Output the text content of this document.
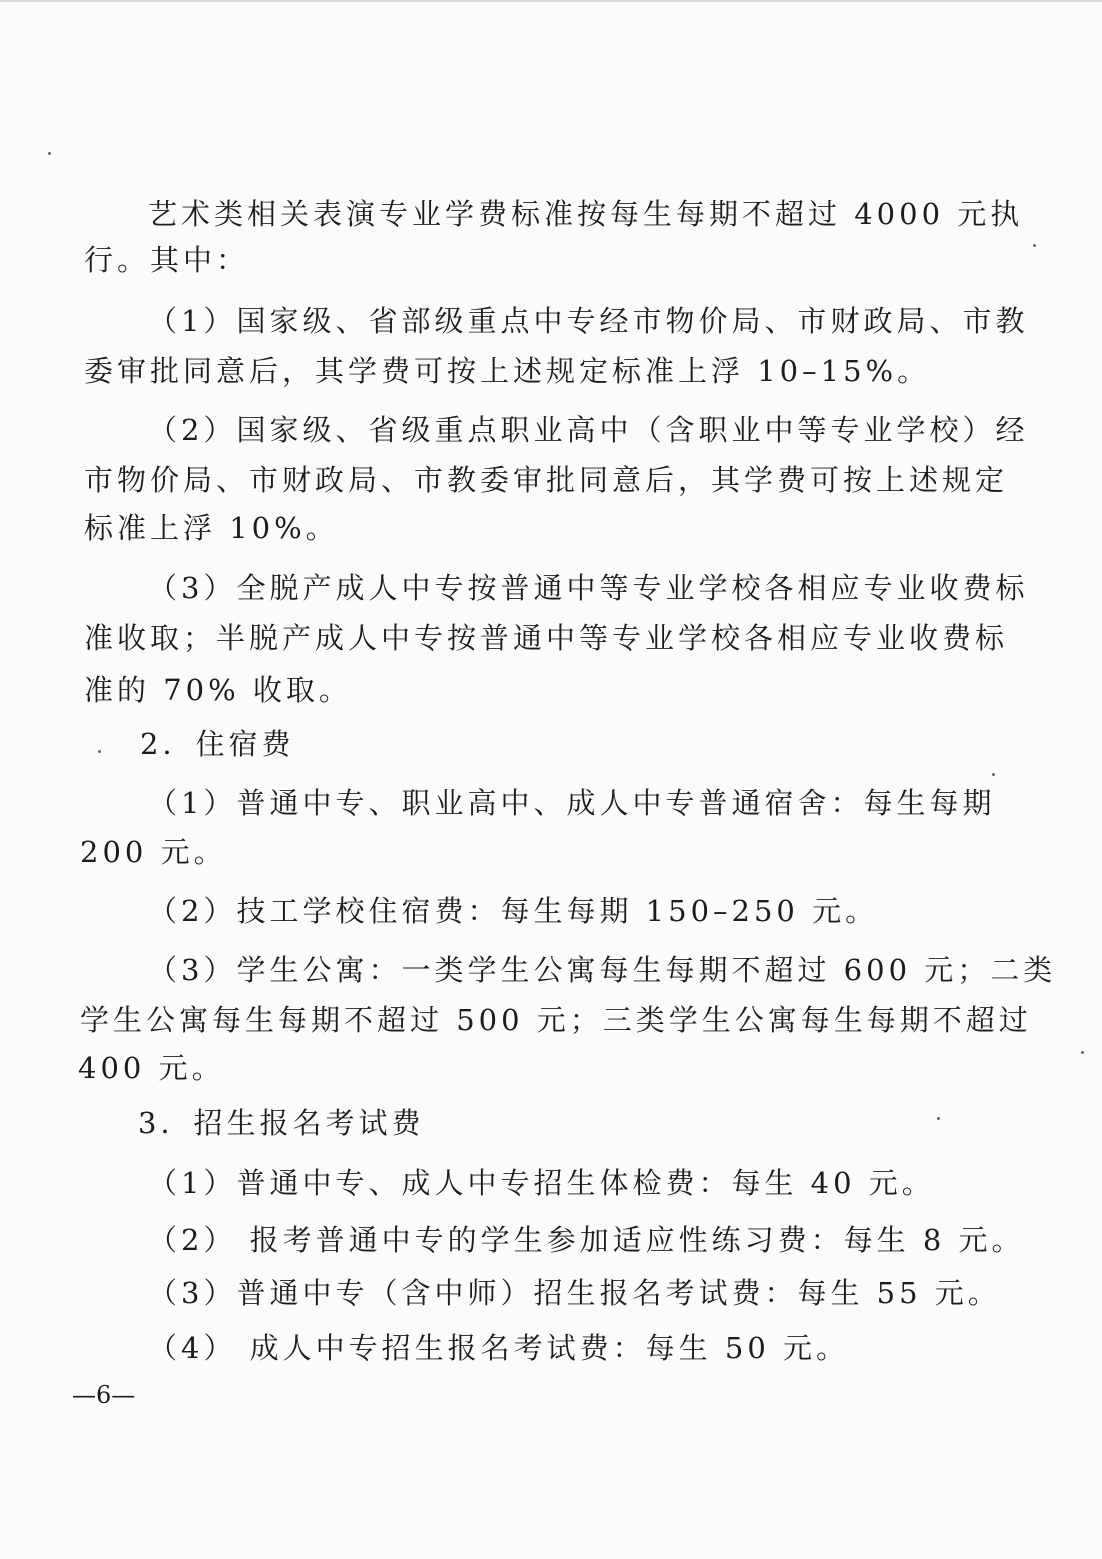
艺术类相关表演专业学费标准按每生每期不超过 4000 元执

行。其中：

（1）国家级、省部级重点中专经市物价局、市财政局、市教

委审批同意后，其学费可按上述规定标准上浮 10–15%。

（2）国家级、省级重点职业高中（含职业中等专业学校）经

市物价局、市财政局、市教委审批同意后，其学费可按上述规定

标准上浮 10%。

（3）全脱产成人中专按普通中等专业学校各相应专业收费标

准收取；半脱产成人中专按普通中等专业学校各相应专业收费标

准的 70% 收取。

2．住宿费

（1）普通中专、职业高中、成人中专普通宿舍：每生每期

200 元。

（2）技工学校住宿费：每生每期 150–250 元。

（3）学生公寓：一类学生公寓每生每期不超过 600 元；二类

学生公寓每生每期不超过 500 元；三类学生公寓每生每期不超过

400 元。

3．招生报名考试费

（1）普通中专、成人中专招生体检费：每生 40 元。

（2） 报考普通中专的学生参加适应性练习费：每生 8 元。

（3）普通中专（含中师）招生报名考试费：每生 55 元。

（4） 成人中专招生报名考试费：每生 50 元。

—6—
